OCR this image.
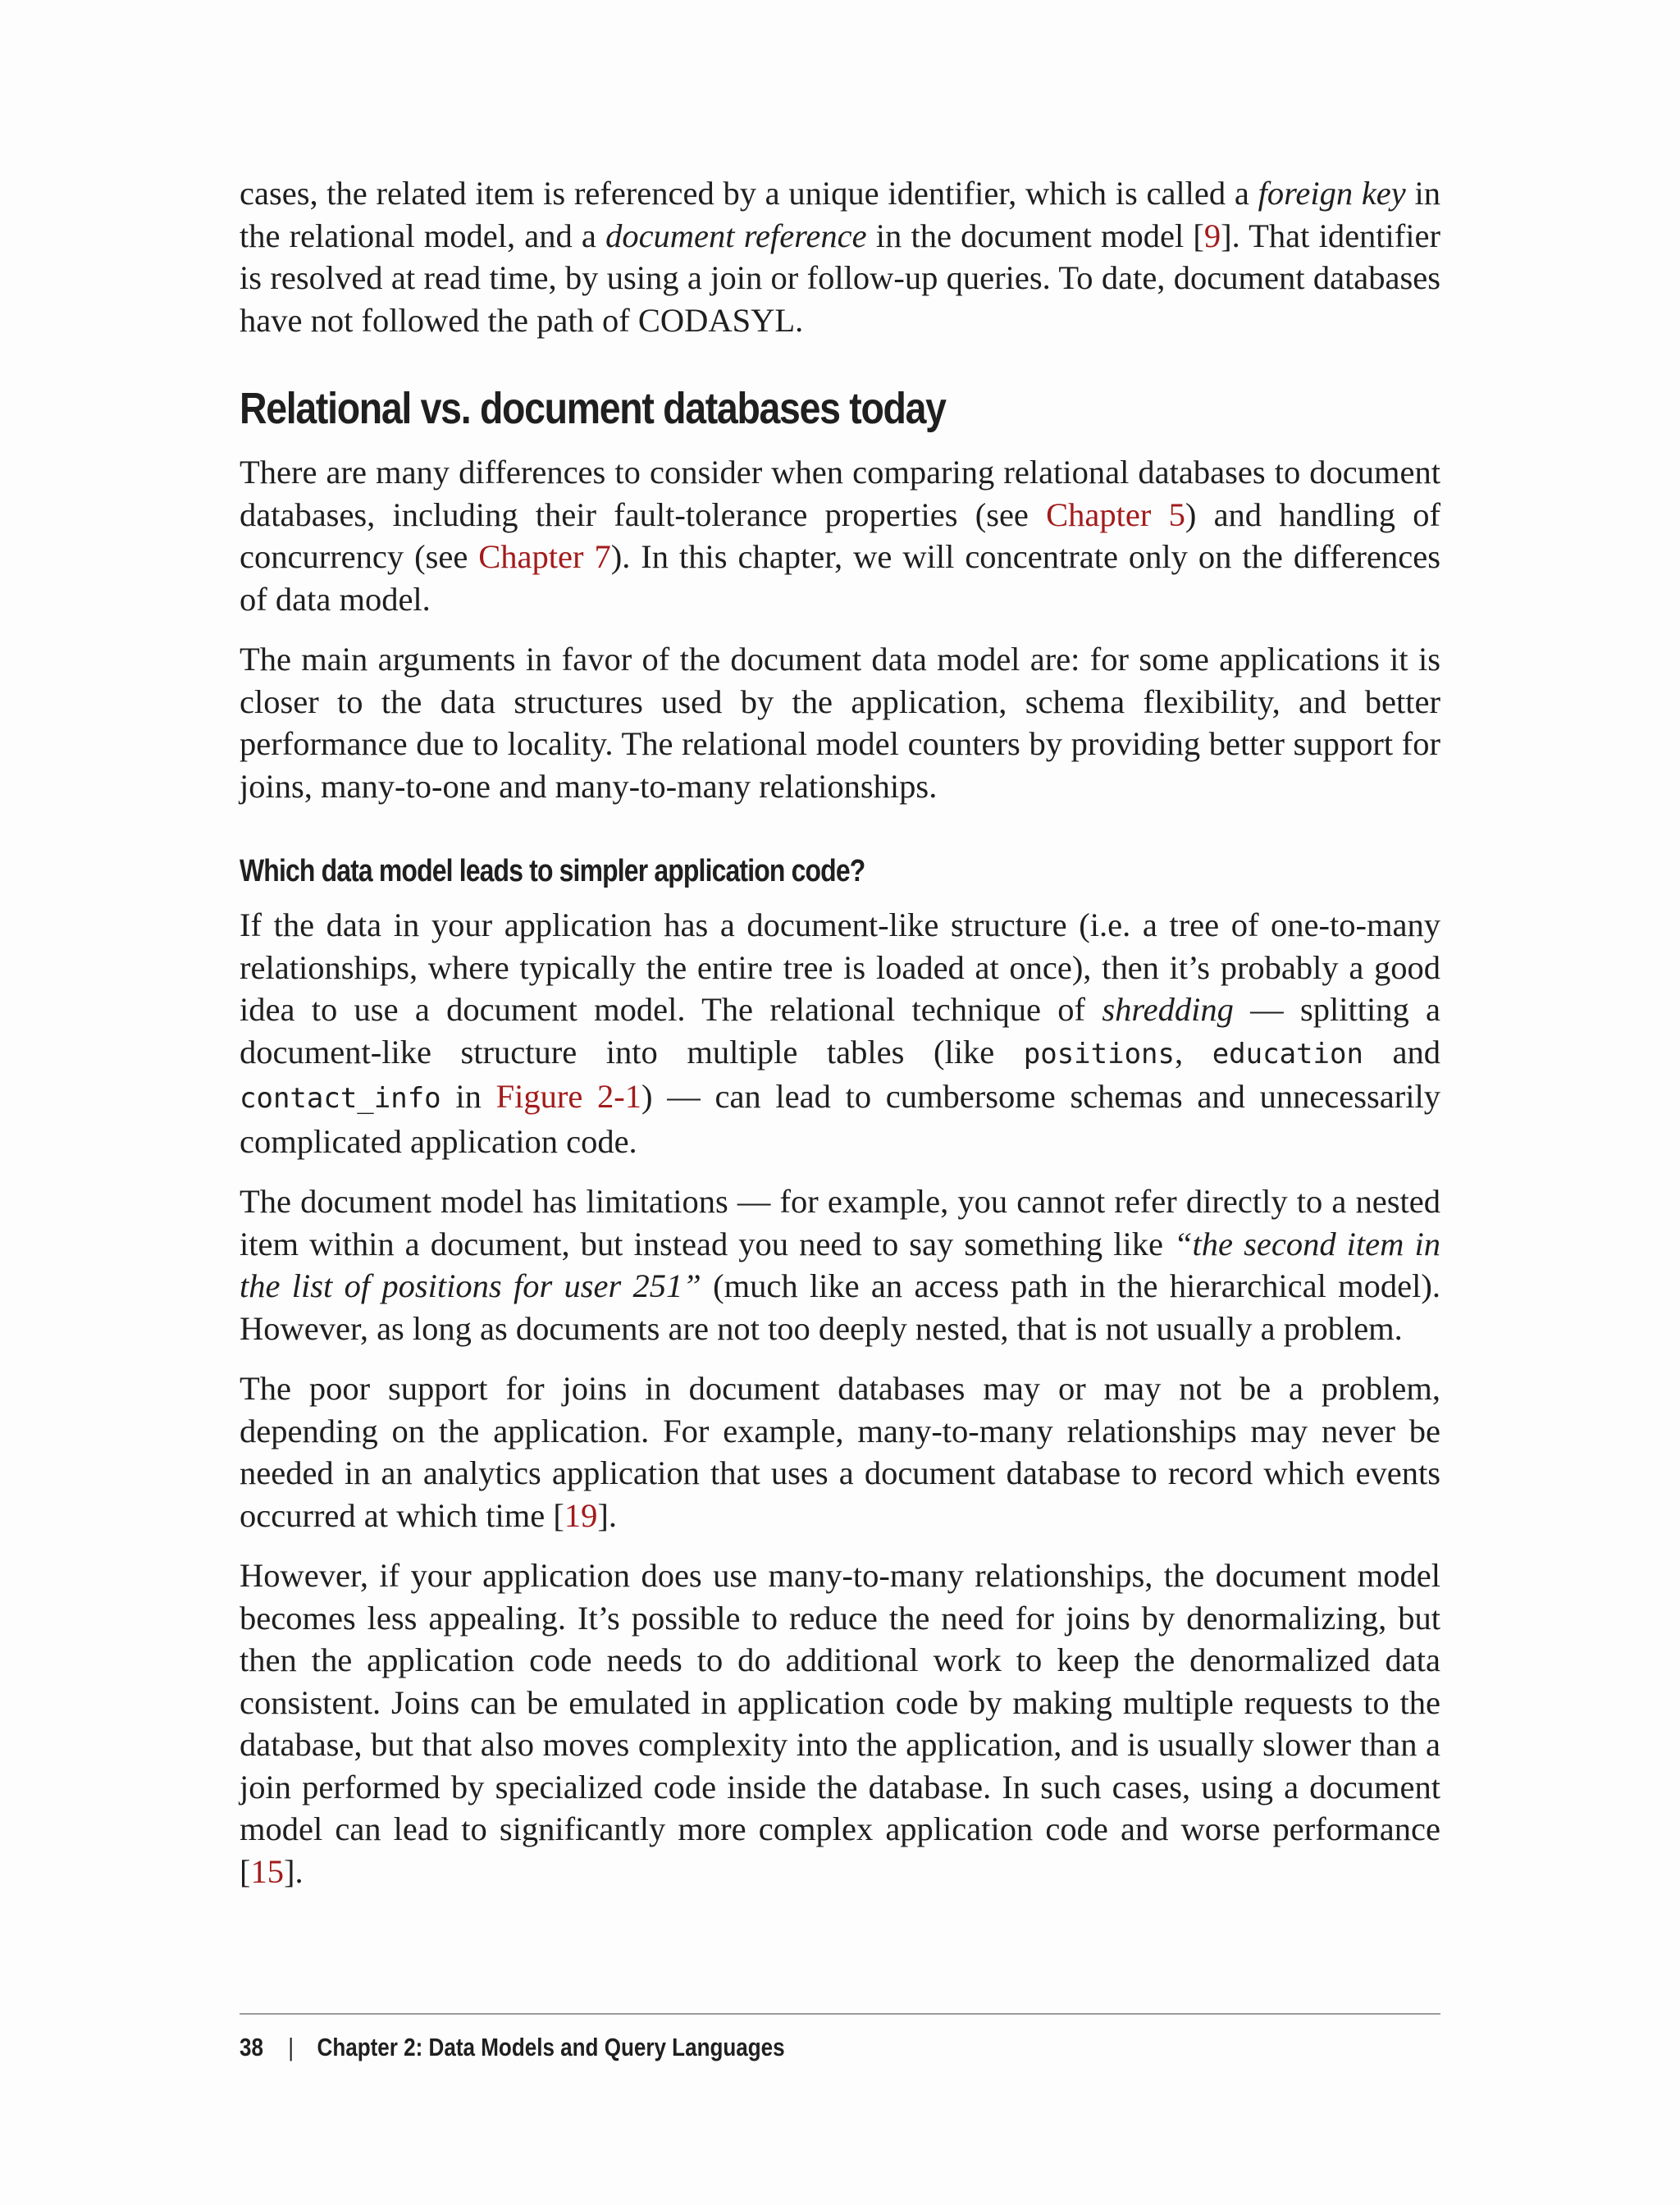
cases, the related item is referenced by a unique identifier, which is called a foreign key in the relational model, and a document reference in the document model [9]. That identifier is resolved at read time, by using a join or follow-up queries. To date, document databases have not followed the path of CODASYL.

Relational vs. document databases today

There are many differences to consider when comparing relational databases to document databases, including their fault-tolerance properties (see Chapter 5) and handling of concurrency (see Chapter 7). In this chapter, we will concentrate only on the differences of data model.

The main arguments in favor of the document data model are: for some applications it is closer to the data structures used by the application, schema flexibility, and better performance due to locality. The relational model counters by providing better support for joins, many-to-one and many-to-many relationships.

Which data model leads to simpler application code?

If the data in your application has a document-like structure (i.e. a tree of one-to-many relationships, where typically the entire tree is loaded at once), then it’s probably a good idea to use a document model. The relational technique of shredding — splitting a document-like structure into multiple tables (like positions, education and contact_info in Figure 2-1) — can lead to cumbersome schemas and unnecessarily complicated application code.

The document model has limitations — for example, you cannot refer directly to a nested item within a document, but instead you need to say something like “the second item in the list of positions for user 251” (much like an access path in the hierarchical model). However, as long as documents are not too deeply nested, that is not usually a problem.

The poor support for joins in document databases may or may not be a problem, depending on the application. For example, many-to-many relationships may never be needed in an analytics application that uses a document database to record which events occurred at which time [19].

However, if your application does use many-to-many relationships, the document model becomes less appealing. It’s possible to reduce the need for joins by denormalizing, but then the application code needs to do additional work to keep the denormalized data consistent. Joins can be emulated in application code by making multiple requests to the database, but that also moves complexity into the application, and is usually slower than a join performed by specialized code inside the database. In such cases, using a document model can lead to significantly more complex application code and worse performance [15].

38 | Chapter 2: Data Models and Query Languages
